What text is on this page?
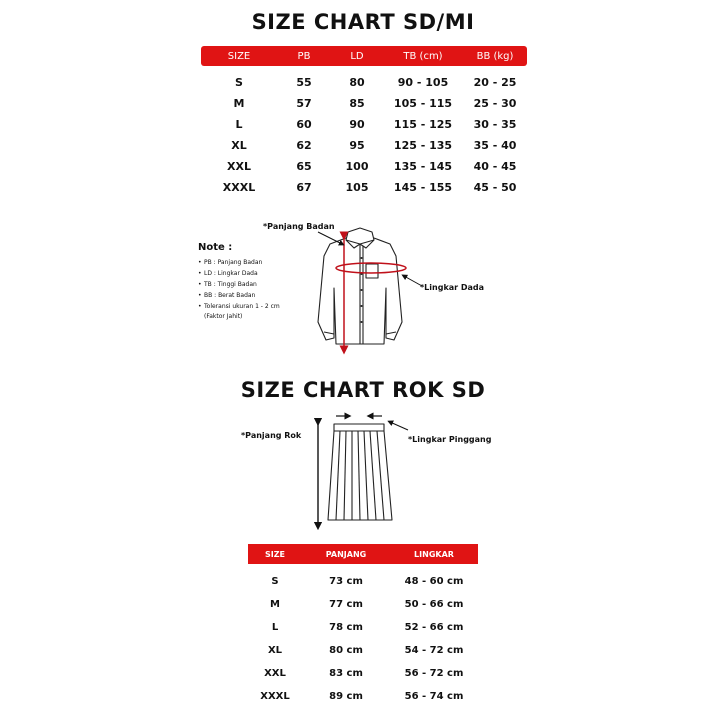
SIZE CHART SD/MI
SIZE	PB	LD	TB (cm)	BB (kg)
S	55	80	90 - 105	20 - 25
M	57	85	105 - 115	25 - 30
L	60	90	115 - 125	30 - 35
XL	62	95	125 - 135	35 - 40
XXL	65	100	135 - 145	40 - 45
XXXL	67	105	145 - 155	45 - 50
Note :
• PB : Panjang Badan
• LD : Lingkar Dada
• TB : Tinggi Badan
• BB : Berat Badan
• Toleransi ukuran 1 - 2 cm
(Faktor Jahit)
*Panjang Badan
*Lingkar Dada
SIZE CHART ROK SD
*Panjang Rok	*Lingkar Pinggang
SIZE	PANJANG	LINGKAR
S	73 cm	48 - 60 cm
M	77 cm	50 - 66 cm
L	78 cm	52 - 66 cm
XL	80 cm	54 - 72 cm
XXL	83 cm	56 - 72 cm
XXXL	89 cm	56 - 74 cm
